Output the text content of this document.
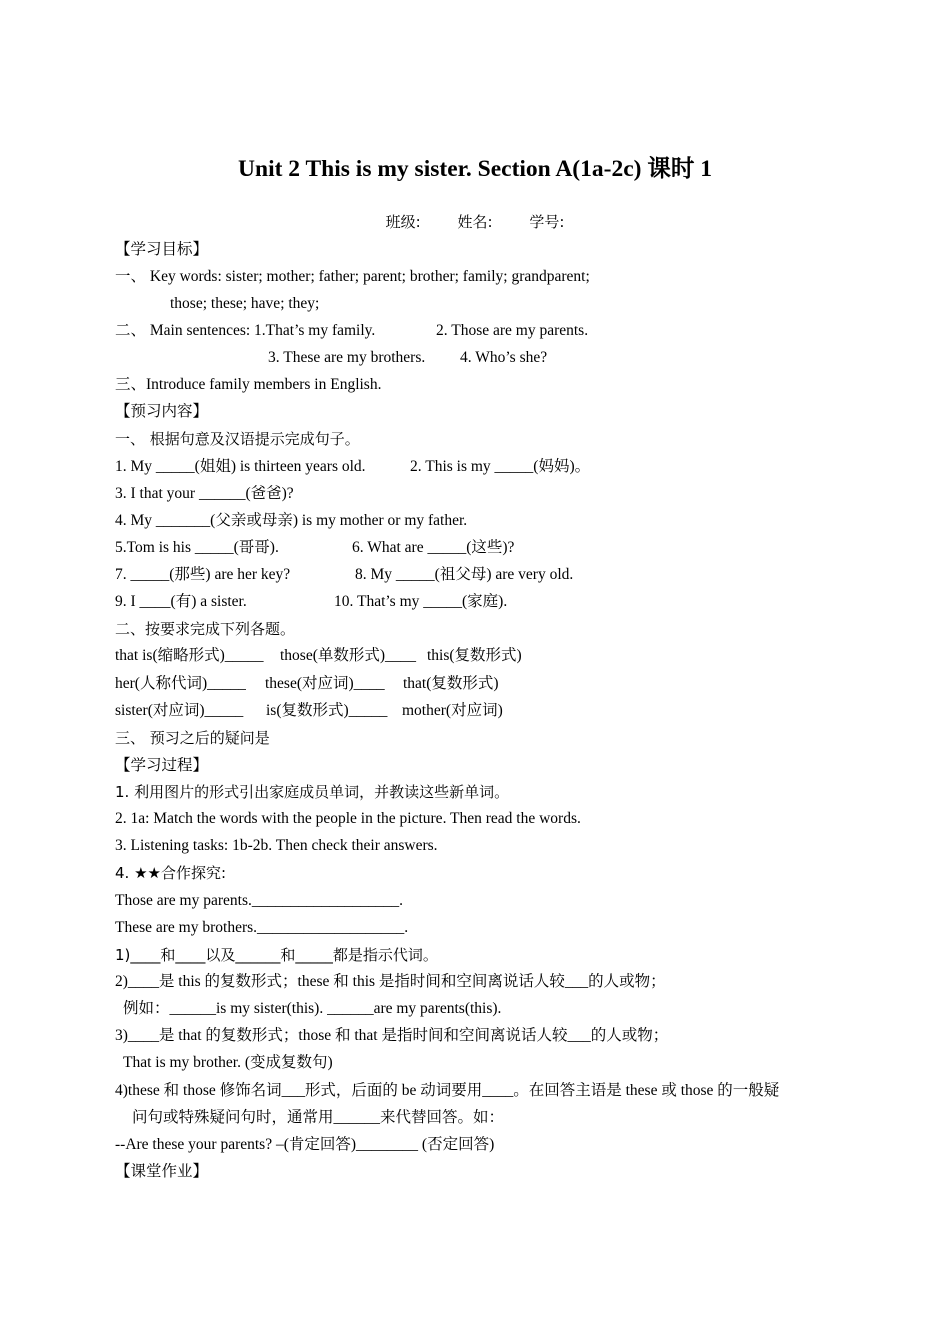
Unit 2 This is my sister. Section A(1a-2c) 课时 1
班级: 姓名: 学号:
【学习目标】
一、 Key words: sister; mother; father; parent; brother; family; grandparent;
those; these; have; they;
二、 Main sentences: 1.That’s my family.	2. Those are my parents.
3. These are my brothers. 4. Who’s she?
三、Introduce family members in English.
【预习内容】
一、 根据句意及汉语提示完成句子。
1. My _____(姐姐) is thirteen years old.	2. This is my _____(妈妈)。
3. I that your ______(爸爸)?
4. My _______(父亲或母亲) is my mother or my father.
5.Tom is his _____(哥哥).	6. What are _____(这些)?
7. _____(那些) are her key?	8. My _____(祖父母) are very old.
9. I ____(有) a sister.	10. That’s my _____(家庭).
二、按要求完成下列各题。
that is(缩略形式)_____ those(单数形式)____ this(复数形式)
her(人称代词)_____ these(对应词)____ that(复数形式)
sister(对应词)_____ is(复数形式)_____ mother(对应词)
三、 预习之后的疑问是
【学习过程】
1. 利用图片的形式引出家庭成员单词，并教读这些新单词。
2. 1a: Match the words with the people in the picture. Then read the words.
3. Listening tasks: 1b-2b. Then check their answers.
4. ★★合作探究:
Those are my parents.___________________.
These are my brothers.___________________.
1)____和____以及______和_____都是指示代词。
2)____是 this 的复数形式；these 和 this 是指时间和空间离说话人较___的人或物；
例如：______is my sister(this). ______are my parents(this).
3)____是 that 的复数形式；those 和 that 是指时间和空间离说话人较___的人或物；
That is my brother. (变成复数句)
4)these 和 those 修饰名词___形式，后面的 be 动词要用____。在回答主语是 these 或 those 的一般疑
问句或特殊疑问句时，通常用______来代替回答。如：
--Are these your parents? –(肯定回答)________ (否定回答)
【课堂作业】
